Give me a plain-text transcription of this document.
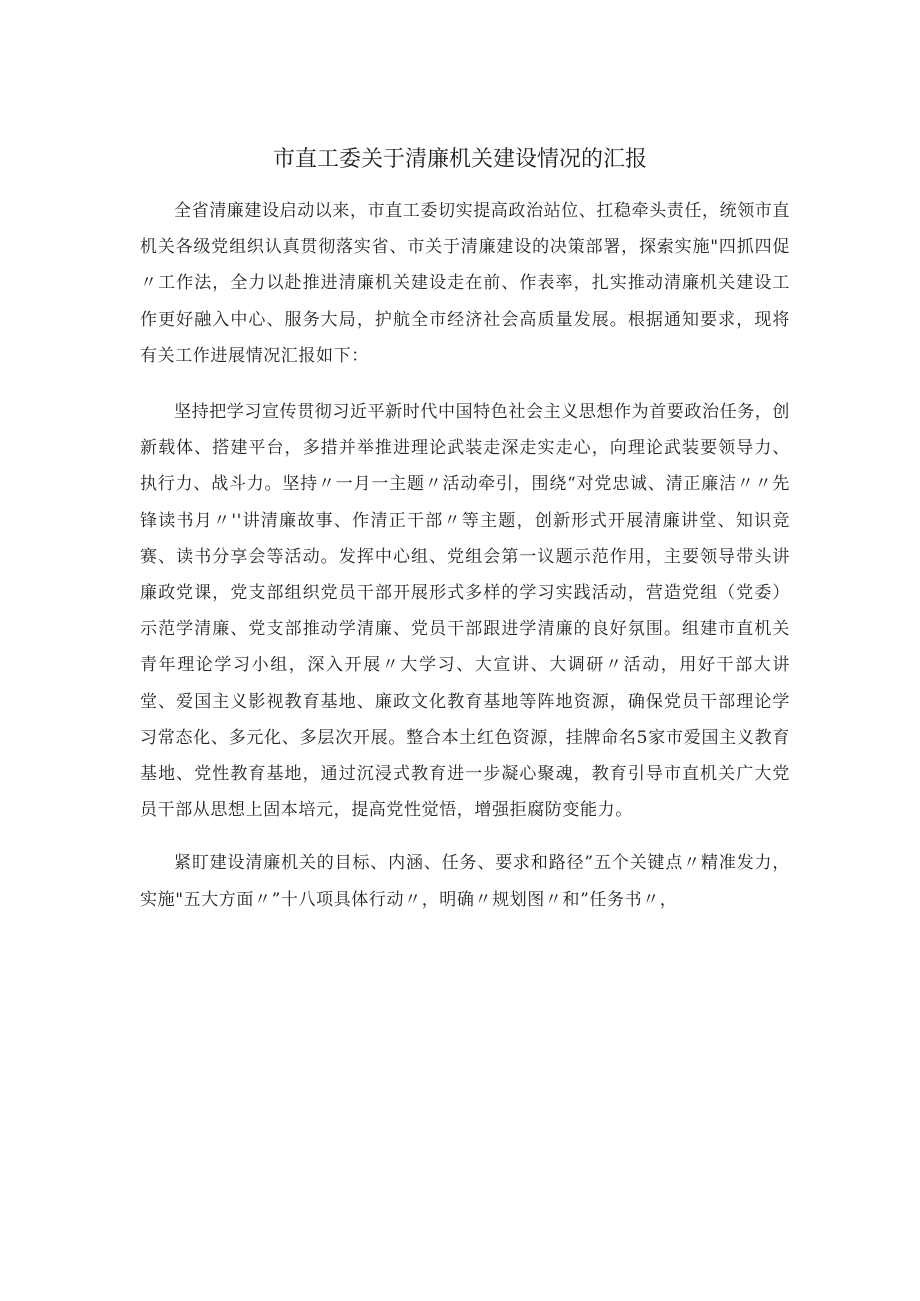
市直工委关于清廉机关建设情况的汇报

全省清廉建设启动以来，市直工委切实提高政治站位、扛稳牵头责任，统领市直机关各级党组织认真贯彻落实省、市关于清廉建设的决策部署，探索实施"四抓四促〃工作法，全力以赴推进清廉机关建设走在前、作表率，扎实推动清廉机关建设工作更好融入中心、服务大局，护航全市经济社会高质量发展。根据通知要求，现将有关工作进展情况汇报如下：

坚持把学习宣传贯彻习近平新时代中国特色社会主义思想作为首要政治任务，创新载体、搭建平台，多措并举推进理论武装走深走实走心，向理论武装要领导力、执行力、战斗力。坚持〃一月一主题〃活动牵引，围绕“对党忠诚、清正廉洁〃〃先锋读书月〃''讲清廉故事、作清正干部〃等主题，创新形式开展清廉讲堂、知识竞赛、读书分享会等活动。发挥中心组、党组会第一议题示范作用，主要领导带头讲廉政党课，党支部组织党员干部开展形式多样的学习实践活动，营造党组（党委）示范学清廉、党支部推动学清廉、党员干部跟进学清廉的良好氛围。组建市直机关青年理论学习小组，深入开展〃大学习、大宣讲、大调研〃活动，用好干部大讲堂、爱国主义影视教育基地、廉政文化教育基地等阵地资源，确保党员干部理论学习常态化、多元化、多层次开展。整合本土红色资源，挂牌命名5家市爱国主义教育基地、党性教育基地，通过沉浸式教育进一步凝心聚魂，教育引导市直机关广大党员干部从思想上固本培元，提高党性觉悟，增强拒腐防变能力。

紧盯建设清廉机关的目标、内涵、任务、要求和路径”五个关键点〃精准发力，实施"五大方面〃”十八项具体行动〃，明确〃规划图〃和”任务书〃，
